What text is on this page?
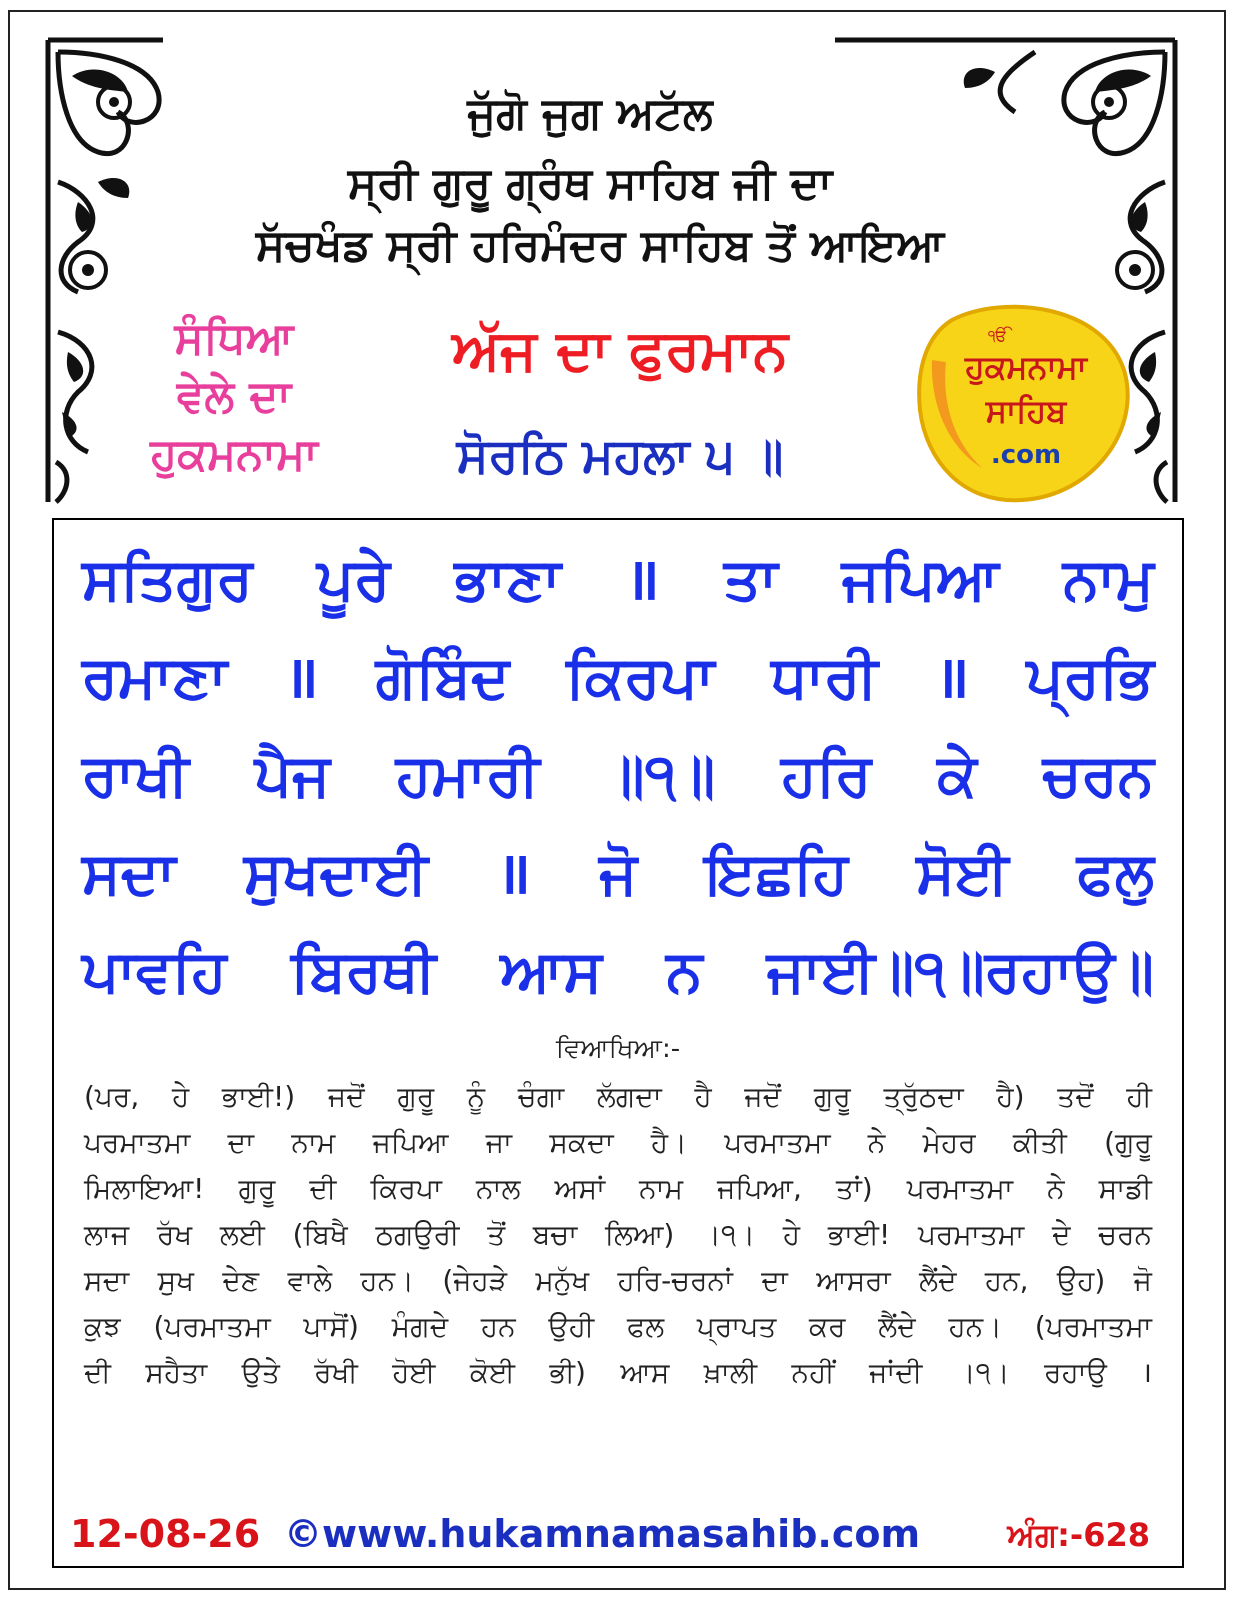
ਜੁੱਗੋ ਜੁਗ ਅਟੱਲ
ਸ੍ਰੀ ਗੁਰੂ ਗ੍ਰੰਥ ਸਾਹਿਬ ਜੀ ਦਾ
ਸੱਚਖੰਡ ਸ੍ਰੀ ਹਰਿਮੰਦਰ ਸਾਹਿਬ ਤੋਂ ਆਇਆ
ਸੰਧਿਆ
ਵੇਲੇ ਦਾ
ਹੁਕਮਨਾਮਾ
ਅੱਜ ਦਾ ਫੁਰਮਾਨ
ਸੋਰਠਿ ਮਹਲਾ ੫ ॥
ੴ
ਹੁਕਮਨਾਮਾ
ਸਾਹਿਬ
.com
ਸਤਿਗੁਰ ਪੂਰੇ ਭਾਣਾ ॥ ਤਾ ਜਪਿਆ ਨਾਮੁ
ਰਮਾਣਾ ॥ ਗੋਬਿੰਦ ਕਿਰਪਾ ਧਾਰੀ ॥ ਪ੍ਰਭਿ
ਰਾਖੀ ਪੈਜ ਹਮਾਰੀ ॥੧॥ ਹਰਿ ਕੇ ਚਰਨ
ਸਦਾ ਸੁਖਦਾਈ ॥ ਜੋ ਇਛਹਿ ਸੋਈ ਫਲੁ
ਪਾਵਹਿ ਬਿਰਥੀ ਆਸ ਨ ਜਾਈ॥੧॥ਰਹਾਉ॥
ਵਿਆਖਿਆ:-
(ਪਰ, ਹੇ ਭਾਈ!) ਜਦੋਂ ਗੁਰੂ ਨੂੰ ਚੰਗਾ ਲੱਗਦਾ ਹੈ ਜਦੋਂ ਗੁਰੂ ਤ੍ਰੁੱਠਦਾ ਹੈ) ਤਦੋਂ ਹੀ
ਪਰਮਾਤਮਾ ਦਾ ਨਾਮ ਜਪਿਆ ਜਾ ਸਕਦਾ ਹੈ। ਪਰਮਾਤਮਾ ਨੇ ਮੇਹਰ ਕੀਤੀ (ਗੁਰੂ
ਮਿਲਾਇਆ! ਗੁਰੂ ਦੀ ਕਿਰਪਾ ਨਾਲ ਅਸਾਂ ਨਾਮ ਜਪਿਆ, ਤਾਂ) ਪਰਮਾਤਮਾ ਨੇ ਸਾਡੀ
ਲਾਜ ਰੱਖ ਲਈ (ਬਿਖੈ ਠਗਉਰੀ ਤੋਂ ਬਚਾ ਲਿਆ) ।੧। ਹੇ ਭਾਈ! ਪਰਮਾਤਮਾ ਦੇ ਚਰਨ
ਸਦਾ ਸੁਖ ਦੇਣ ਵਾਲੇ ਹਨ। (ਜੇਹੜੇ ਮਨੁੱਖ ਹਰਿ-ਚਰਨਾਂ ਦਾ ਆਸਰਾ ਲੈਂਦੇ ਹਨ, ਉਹ) ਜੋ
ਕੁਝ (ਪਰਮਾਤਮਾ ਪਾਸੋਂ) ਮੰਗਦੇ ਹਨ ਉਹੀ ਫਲ ਪ੍ਰਾਪਤ ਕਰ ਲੈਂਦੇ ਹਨ। (ਪਰਮਾਤਮਾ
ਦੀ ਸਹੈਤਾ ਉਤੇ ਰੱਖੀ ਹੋਈ ਕੋਈ ਭੀ) ਆਸ ਖ਼ਾਲੀ ਨਹੀਂ ਜਾਂਦੀ ।੧। ਰਹਾਉ ।
12-08-26 ©www.hukamnamasahib.com	ਅੰਗ:-628
